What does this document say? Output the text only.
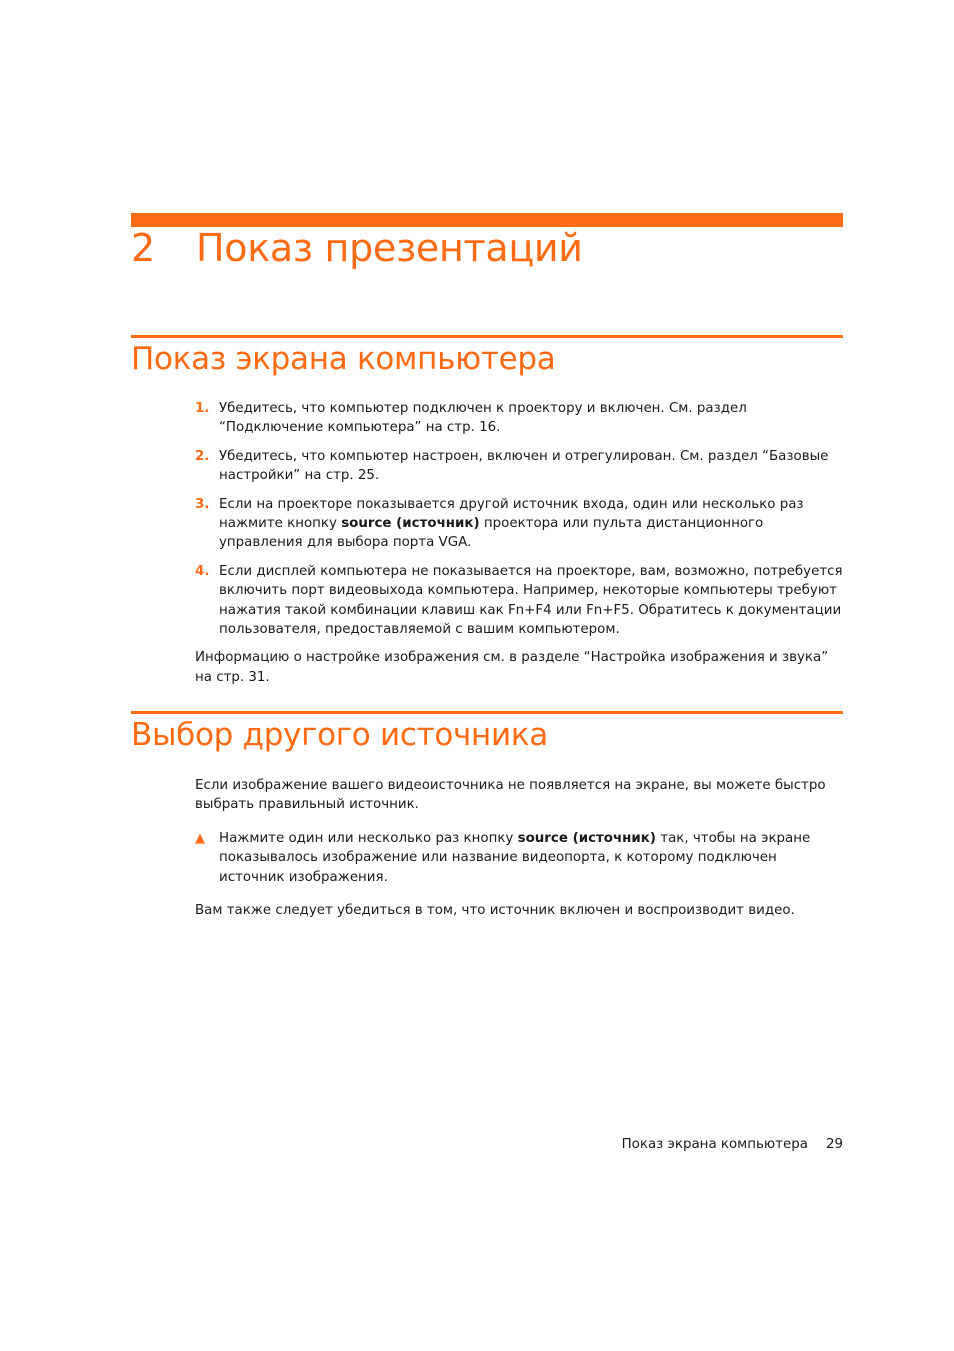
2 Показ презентаций
Показ экрана компьютера
1. Убедитесь, что компьютер подключен к проектору и включен. См. раздел “Подключение компьютера” на стр. 16.
2. Убедитесь, что компьютер настроен, включен и отрегулирован. См. раздел “Базовые настройки” на стр. 25.
3. Если на проекторе показывается другой источник входа, один или несколько раз нажмите кнопку source (источник) проектора или пульта дистанционного управления для выбора порта VGA.
4. Если дисплей компьютера не показывается на проекторе, вам, возможно, потребуется включить порт видеовыхода компьютера. Например, некоторые компьютеры требуют нажатия такой комбинации клавиш как Fn+F4 или Fn+F5. Обратитесь к документации пользователя, предоставляемой с вашим компьютером.

Информацию о настройке изображения см. в разделе “Настройка изображения и звука” на стр. 31.

Выбор другого источника

Если изображение вашего видеоисточника не появляется на экране, вы можете быстро выбрать правильный источник.

▲ Нажмите один или несколько раз кнопку source (источник) так, чтобы на экране показывалось изображение или название видеопорта, к которому подключен источник изображения.

Вам также следует убедиться в том, что источник включен и воспроизводит видео.

Показ экрана компьютера 29
